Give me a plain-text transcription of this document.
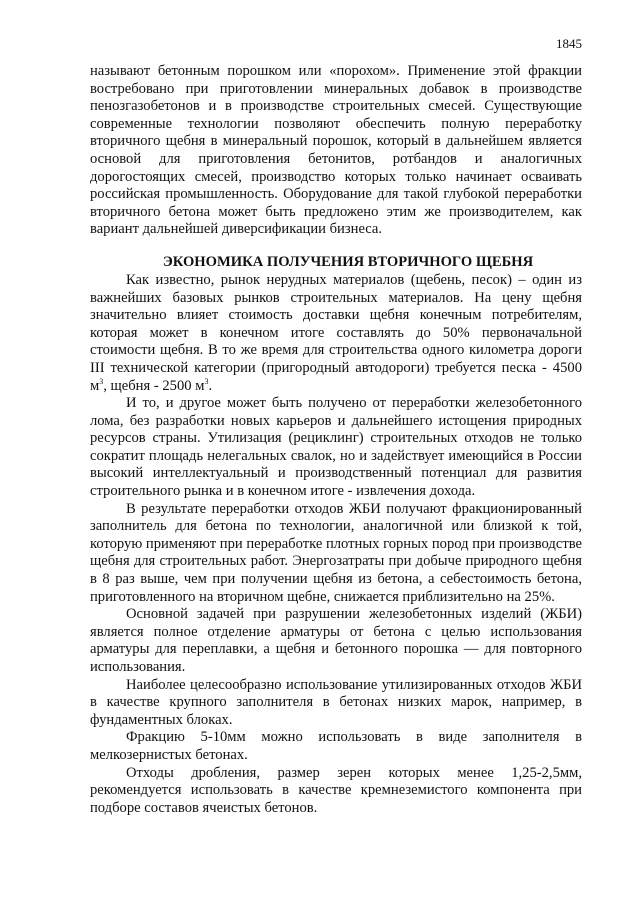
1845

называют бетонным порошком или «порохом». Применение этой фракции востребовано при приготовлении минеральных добавок в производстве пенозгазобетонов и в производстве строительных смесей. Существующие современные технологии позволяют обеспечить полную переработку вторичного щебня в минеральный порошок, который в дальнейшем является основой для приготовления бетонитов, ротбандов и аналогичных дорогостоящих смесей, производство которых только начинает осваивать российская промышленность. Оборудование для такой глубокой переработки вторичного бетона может быть предложено этим же производителем, как вариант дальнейшей диверсификации бизнеса.

ЭКОНОМИКА ПОЛУЧЕНИЯ ВТОРИЧНОГО ЩЕБНЯ

Как известно, рынок нерудных материалов (щебень, песок) – один из важнейших базовых рынков строительных материалов. На цену щебня значительно влияет стоимость доставки щебня конечным потребителям, которая может в конечном итоге составлять до 50% первоначальной стоимости щебня. В то же время для строительства одного километра дороги III технической категории (пригородный автодороги) требуется песка - 4500 $м^3$, щебня - 2500 $м^3$.

И то, и другое может быть получено от переработки железобетонного лома, без разработки новых карьеров и дальнейшего истощения природных ресурсов страны. Утилизация (рециклинг) строительных отходов не только сократит площадь нелегальных свалок, но и задействует имеющийся в России высокий интеллектуальный и производственный потенциал для развития строительного рынка и в конечном итоге - извлечения дохода.

В результате переработки отходов ЖБИ получают фракционированный заполнитель для бетона по технологии, аналогичной или близкой к той, которую применяют при переработке плотных горных пород при производстве щебня для строительных работ. Энергозатраты при добыче природного щебня в 8 раз выше, чем при получении щебня из бетона, а себестоимость бетона, приготовленного на вторичном щебне, снижается приблизительно на 25%.

Основной задачей при разрушении железобетонных изделий (ЖБИ) является полное отделение арматуры от бетона с целью использования арматуры для переплавки, а щебня и бетонного порошка — для повторного использования.

Наиболее целесообразно использование утилизированных отходов ЖБИ в качестве крупного заполнителя в бетонах низких марок, например, в фундаментных блоках.

Фракцию 5-10мм можно использовать в виде заполнителя в мелкозернистых бетонах.

Отходы дробления, размер зерен которых менее 1,25-2,5мм, рекомендуется использовать в качестве кремнеземистого компонента при подборе составов ячеистых бетонов.
